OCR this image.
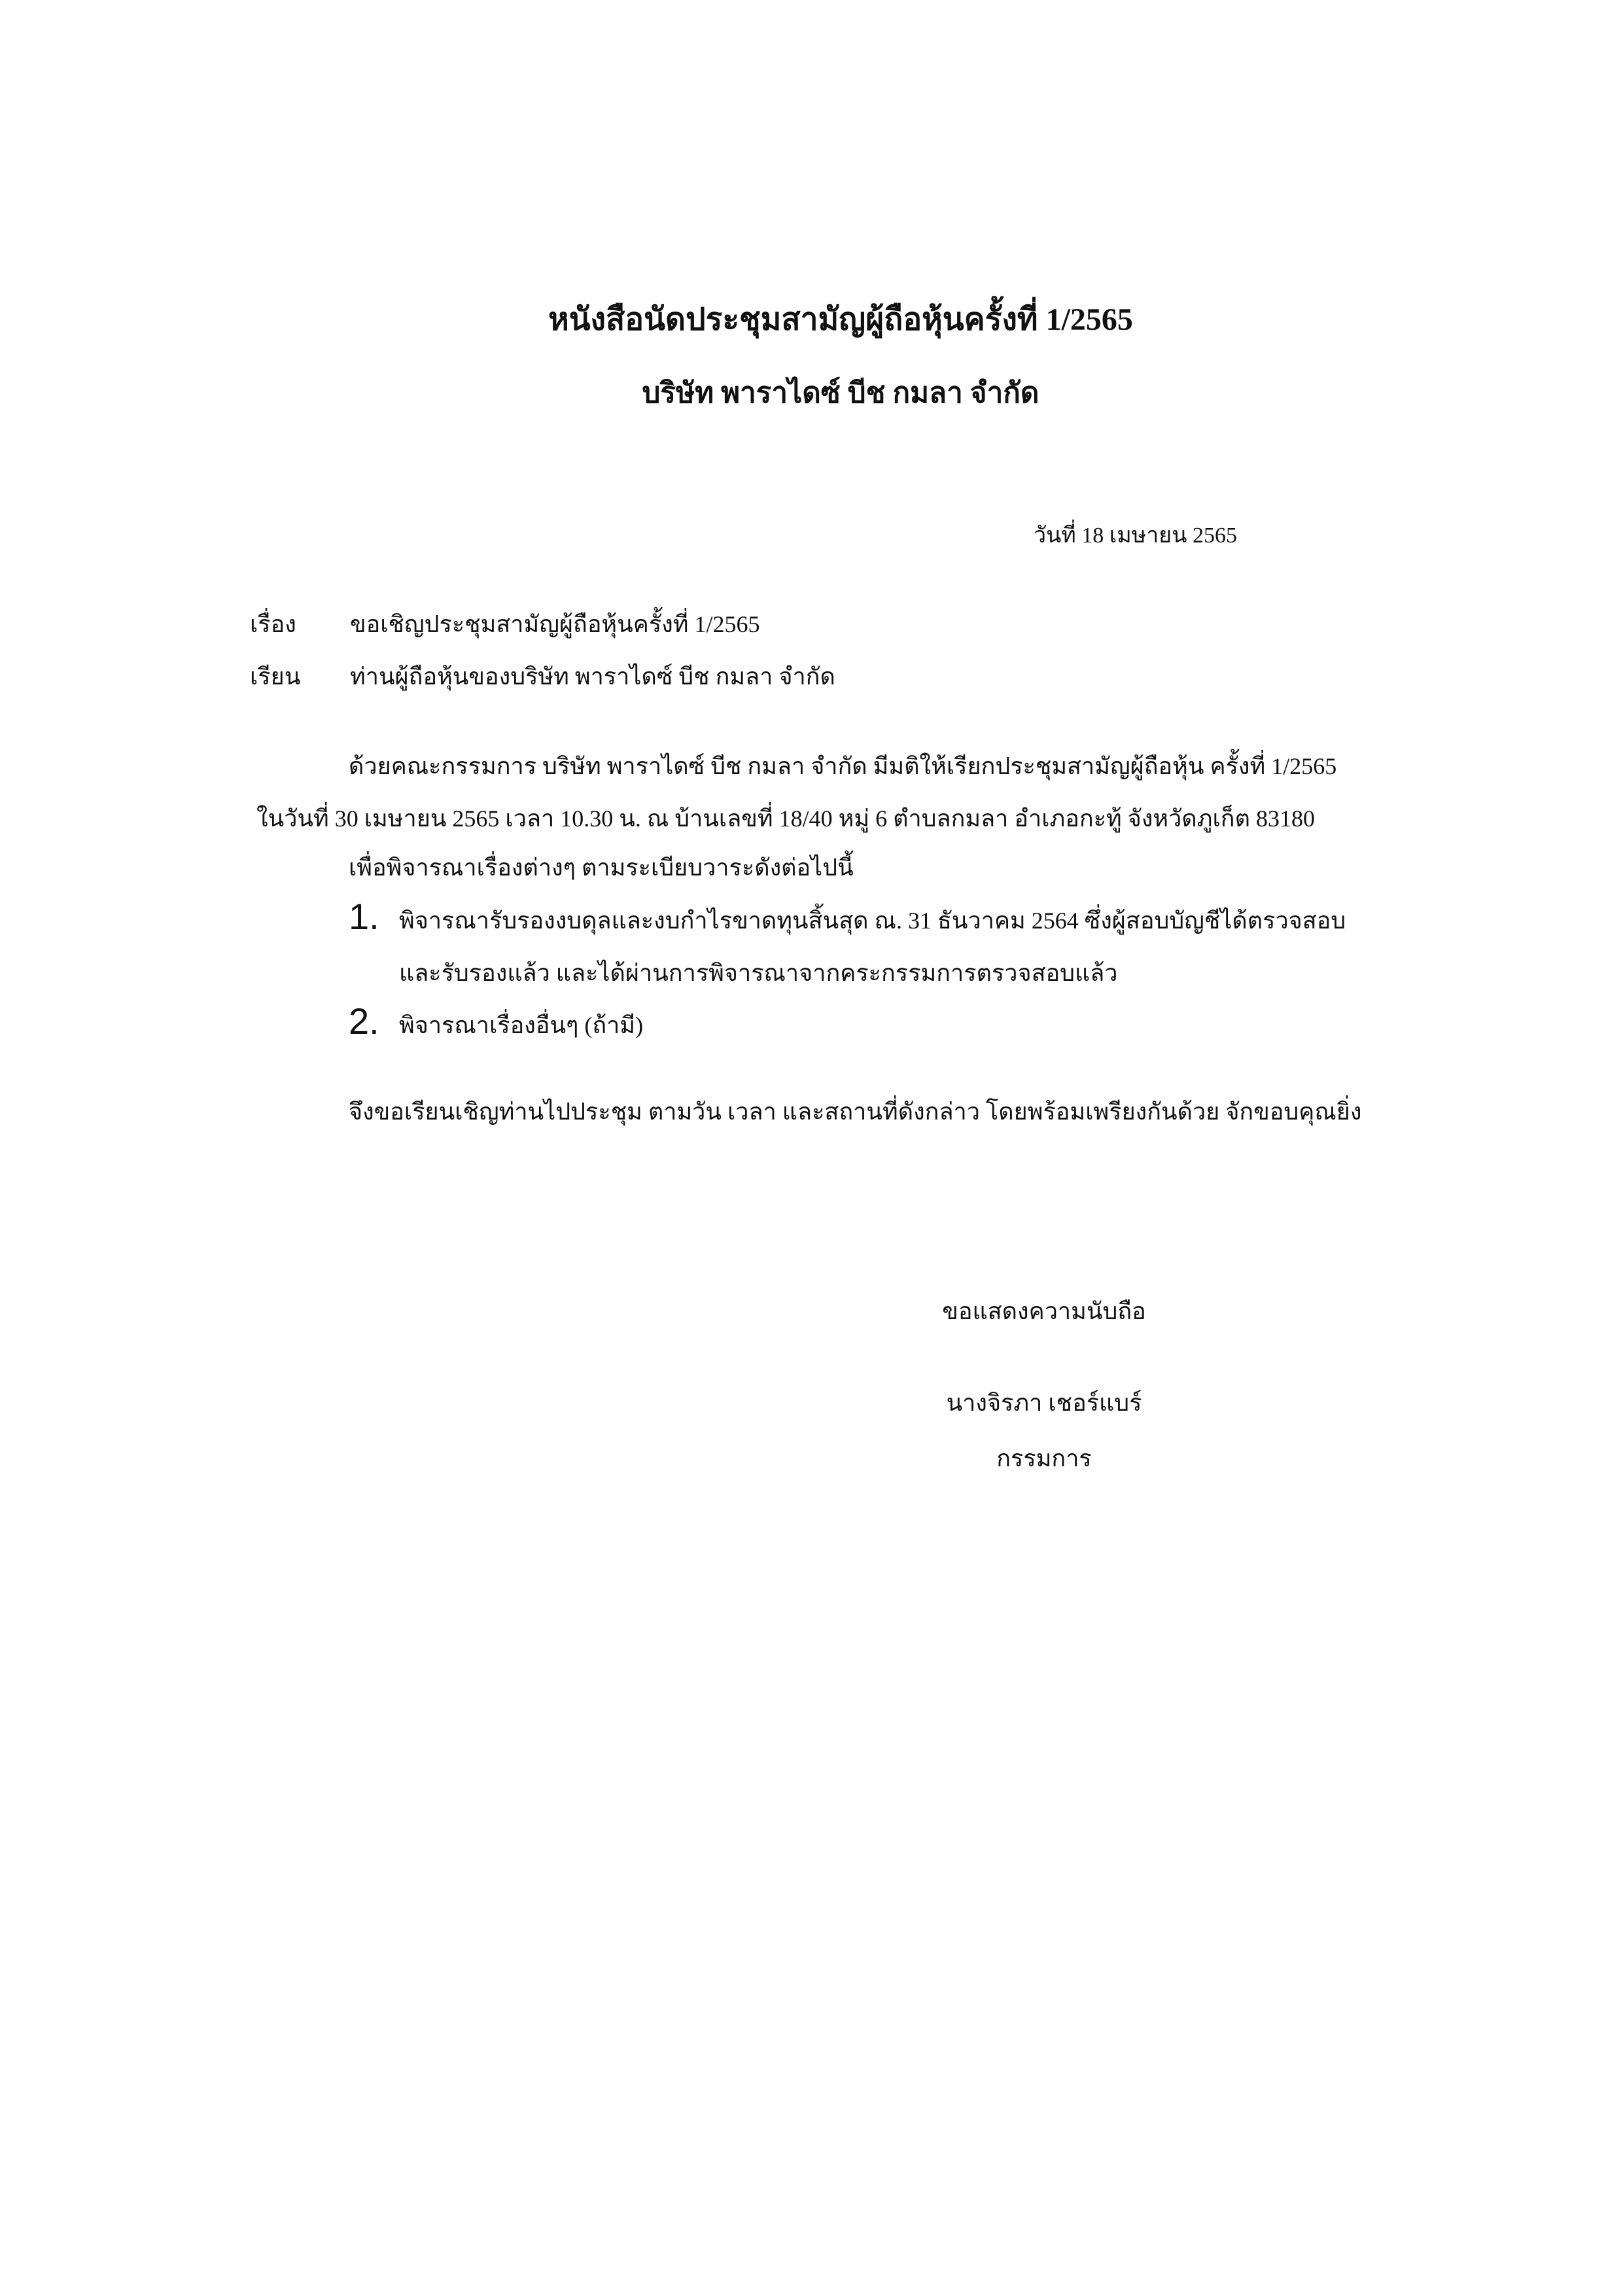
หนังสือนัดประชุมสามัญผู้ถือหุ้นครั้งที่ 1/2565
บริษัท พาราไดซ์ บีช กมลา จำกัด
วันที่ 18 เมษายน 2565
เรื่อง ขอเชิญประชุมสามัญผู้ถือหุ้นครั้งที่ 1/2565
เรียน ท่านผู้ถือหุ้นของบริษัท พาราไดซ์ บีช กมลา จำกัด
ด้วยคณะกรรมการ บริษัท พาราไดซ์ บีช กมลา จำกัด มีมติให้เรียกประชุมสามัญผู้ถือหุ้น ครั้งที่ 1/2565
ในวันที่ 30 เมษายน 2565 เวลา 10.30 น. ณ บ้านเลขที่ 18/40 หมู่ 6 ตำบลกมลา อำเภอกะทู้ จังหวัดภูเก็ต 83180
เพื่อพิจารณาเรื่องต่างๆ ตามระเบียบวาระดังต่อไปนี้
1. พิจารณารับรองงบดุลและงบกำไรขาดทุนสิ้นสุด ณ. 31 ธันวาคม 2564 ซึ่งผู้สอบบัญชีได้ตรวจสอบ
และรับรองแล้ว และได้ผ่านการพิจารณาจากคระกรรมการตรวจสอบแล้ว
2. พิจารณาเรื่องอื่นๆ (ถ้ามี)
จึงขอเรียนเชิญท่านไปประชุม ตามวัน เวลา และสถานที่ดังกล่าว โดยพร้อมเพรียงกันด้วย จักขอบคุณยิ่ง
ขอแสดงความนับถือ
นางจิรภา เชอร์แบร์
กรรมการ
